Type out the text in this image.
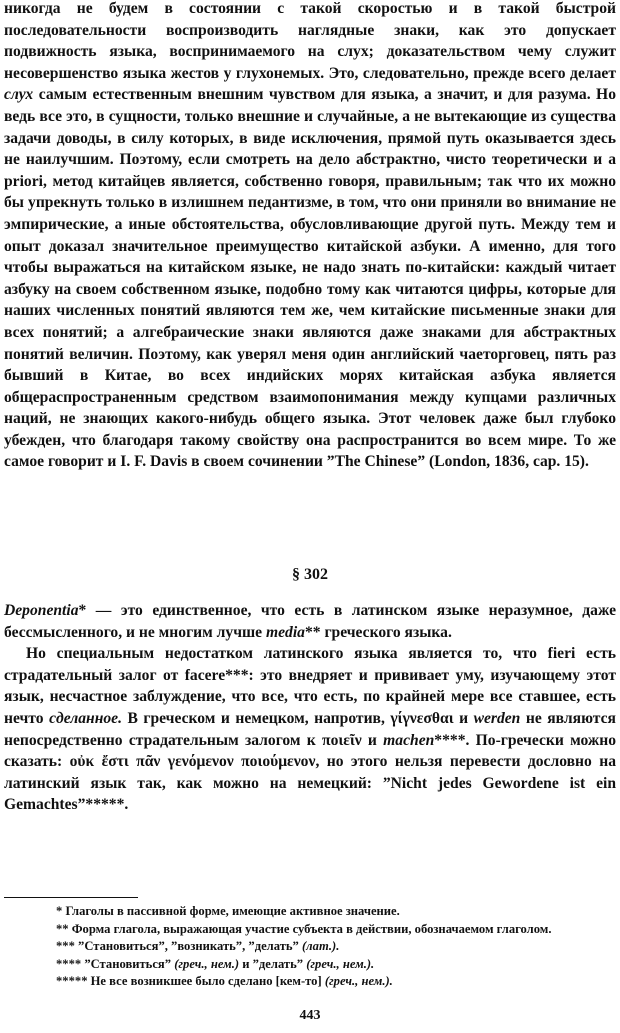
никогда не будем в состоянии с такой скоростью и в такой быстрой последовательности воспроизводить наглядные знаки, как это допускает подвижность языка, воспринимаемого на слух; доказательством чему служит несовершенство языка жестов у глухонемых. Это, следовательно, прежде всего делает слух самым естественным внешним чувством для языка, а значит, и для разума. Но ведь все это, в сущности, только внешние и случайные, а не вытекающие из существа задачи доводы, в силу которых, в виде исключения, прямой путь оказывается здесь не наилучшим. Поэтому, если смотреть на дело абстрактно, чисто теоретически и a priori, метод китайцев является, собственно говоря, правильным; так что их можно бы упрекнуть только в излишнем педантизме, в том, что они приняли во внимание не эмпирические, а иные обстоятельства, обусловливающие другой путь. Между тем и опыт доказал значительное преимущество китайской азбуки. А именно, для того чтобы выражаться на китайском языке, не надо знать по-китайски: каждый читает азбуку на своем собственном языке, подобно тому как читаются цифры, которые для наших численных понятий являются тем же, чем китайские письменные знаки для всех понятий; а алгебраические знаки являются даже знаками для абстрактных понятий величин. Поэтому, как уверял меня один английский чаеторговец, пять раз бывший в Китае, во всех индийских морях китайская азбука является общераспространенным средством взаимопонимания между купцами различных наций, не знающих какого-нибудь общего языка. Этот человек даже был глубоко убежден, что благодаря такому свойству она распространится во всем мире. То же самое говорит и I. F. Davis в своем сочинении ”The Chinese” (London, 1836, cap. 15).

§ 302

Deponentia* — это единственное, что есть в латинском языке неразумное, даже бессмысленного, и не многим лучше media** греческого языка.

Но специальным недостатком латинского языка является то, что fieri есть страдательный залог от facere***: это внедряет и прививает уму, изучающему этот язык, несчастное заблуждение, что все, что есть, по крайней мере все ставшее, есть нечто сделанное. В греческом и немецком, напротив, γίγνεσθαι и werden не являются непосредственно страдательным залогом к ποιεῖν и machen****. По-гречески можно сказать: οὐκ ἔστι πᾶν γενόμενον ποιούμενον, но этого нельзя перевести дословно на латинский язык так, как можно на немецкий: ”Nicht jedes Gewordene ist ein Gemachtes”*****.

* Глаголы в пассивной форме, имеющие активное значение.

** Форма глагола, выражающая участие субъекта в действии, обозначаемом глаголом.

*** ”Становиться”, ”возникать”, ”делать” (лат.).

**** ”Становиться” (греч., нем.) и ”делать” (греч., нем.).

***** Не все возникшее было сделано [кем-то] (греч., нем.).

443
